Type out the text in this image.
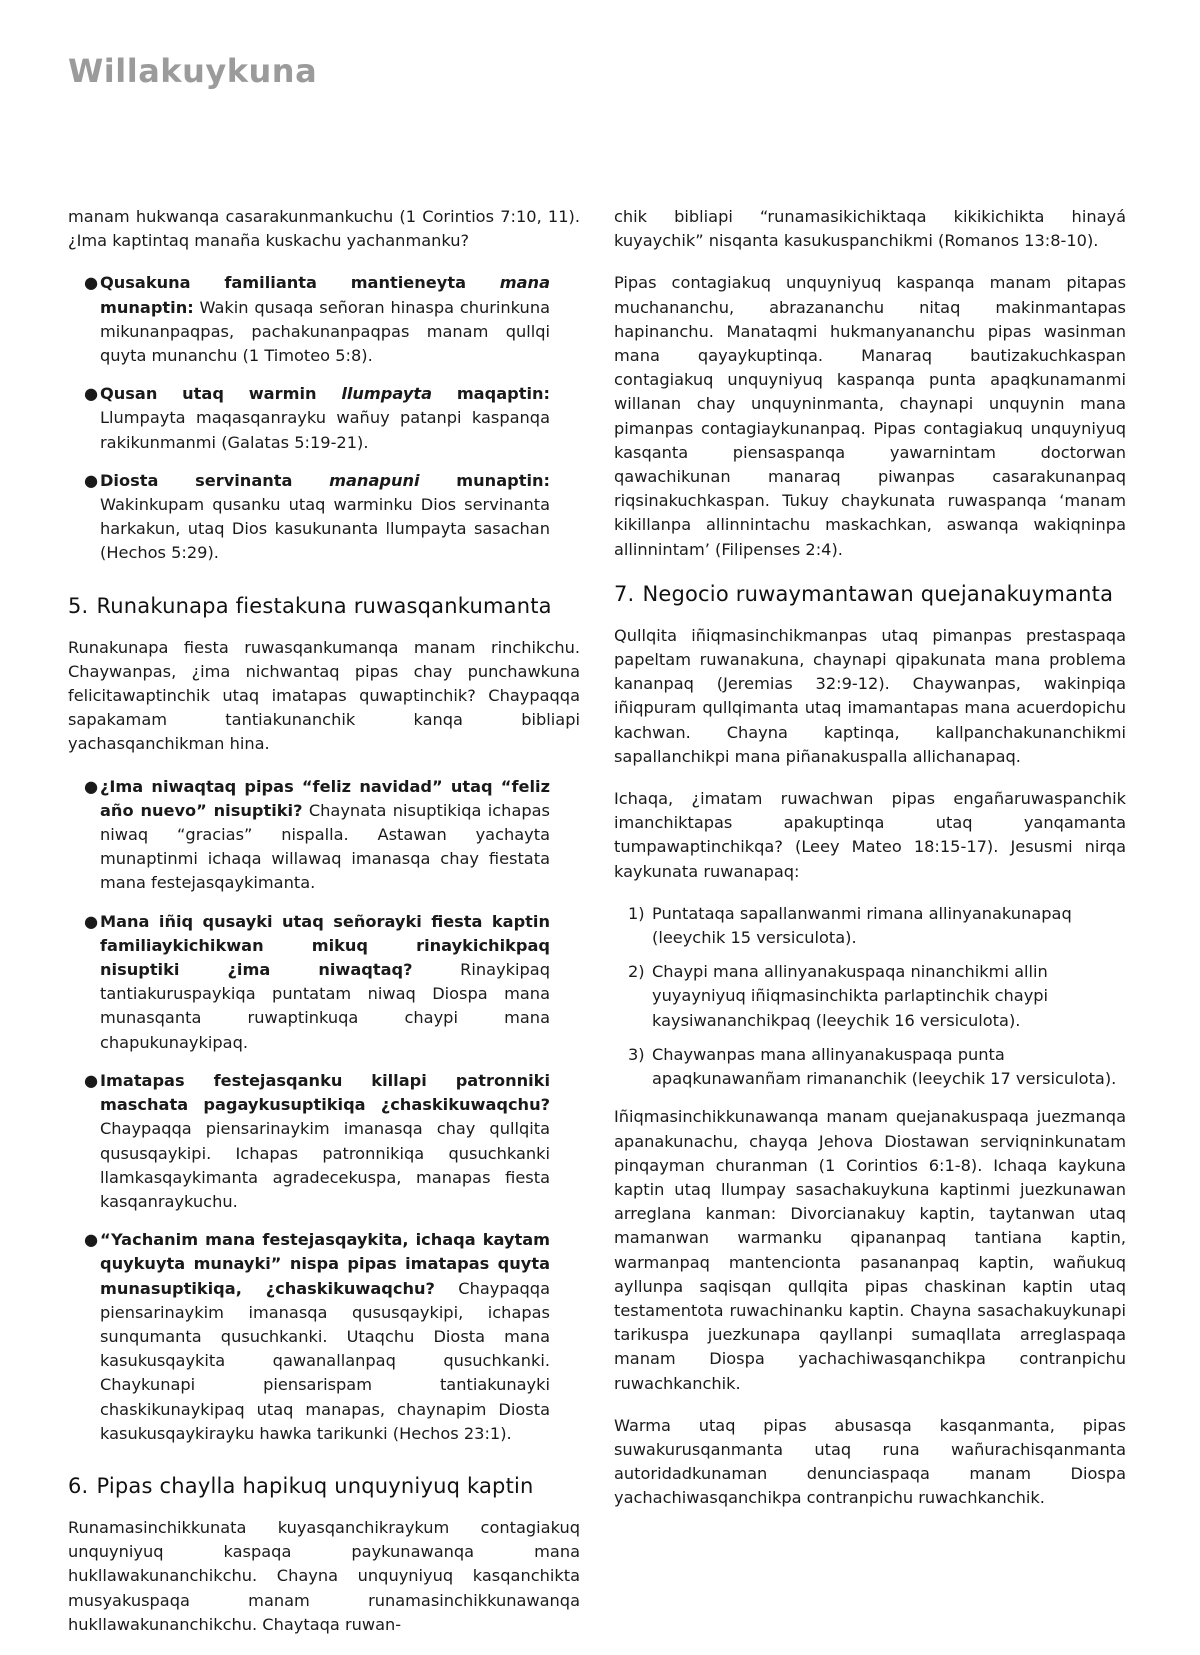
Willakuykuna

manam hukwanqa casarakunmankuchu (1 Corintios 7:10, 11). ¿Ima kaptintaq manaña kuskachu yachanmanku?

● Qusakuna familianta mantieneyta mana munaptin: Wakin qusaqa señoran hinaspa churinkuna mikunanpaqpas, pachakunanpaqpas manam qullqi quyta munanchu (1 Timoteo 5:8).
● Qusan utaq warmin llumpayta maqaptin: Llumpayta maqasqanrayku wañuy patanpi kaspanqa rakikunmanmi (Galatas 5:19-21).
● Diosta servinanta manapuni munaptin: Wakinkupam qusanku utaq warminku Dios servinanta harkakun, utaq Dios kasukunanta llumpayta sasachan (Hechos 5:29).
5. Runakunapa fiestakuna ruwasqankumanta

Runakunapa fiesta ruwasqankumanqa manam rinchikchu. Chaywanpas, ¿ima nichwantaq pipas chay punchawkuna felicitawaptinchik utaq imatapas quwaptinchik? Chaypaqqa sapakamam tantiakunanchik kanqa bibliapi yachasqanchikman hina.

● ¿Ima niwaqtaq pipas “feliz navidad” utaq “feliz año nuevo” nisuptiki? Chaynata nisuptikiqa ichapas niwaq “gracias” nispalla. Astawan yachayta munaptinmi ichaqa willawaq imanasqa chay fiestata mana festejasqaykimanta.
● Mana iñiq qusayki utaq señorayki fiesta kaptin familiaykichikwan mikuq rinaykichikpaq nisuptiki ¿ima niwaqtaq? Rinaykipaq tantiakuruspaykiqa puntatam niwaq Diospa mana munasqanta ruwaptinkuqa chaypi mana chapukunaykipaq.
● Imatapas festejasqanku killapi patronniki maschata pagaykusuptikiqa ¿chaskikuwaqchu? Chaypaqqa piensarinaykim imanasqa chay qullqita qususqaykipi. Ichapas patronnikiqa qusuchkanki llamkasqaykimanta agradecekuspa, manapas fiesta kasqanraykuchu.
● “Yachanim mana festejasqaykita, ichaqa kaytam quykuyta munayki” nispa pipas imatapas quyta munasuptikiqa, ¿chaskikuwaqchu? Chaypaqqa piensarinaykim imanasqa qususqaykipi, ichapas sunqumanta qusuchkanki. Utaqchu Diosta mana kasukusqaykita qawanallanpaq qusuchkanki. Chaykunapi piensarispam tantiakunayki chaskikunaykipaq utaq manapas, chaynapim Diosta kasukusqaykirayku hawka tarikunki (Hechos 23:1).
6. Pipas chaylla hapikuq unquyniyuq kaptin

Runamasinchikkunata kuyasqanchikraykum contagiakuq unquyniyuq kaspaqa paykunawanqa mana hukllawakunanchikchu. Chayna unquyniyuq kasqanchikta musyakuspaqa manam runamasinchikkunawanqa hukllawakunanchikchu. Chaytaqa ruwan-

chik bibliapi “runamasikichiktaqa kikikichikta hinayá kuyaychik” nisqanta kasukuspanchikmi (Romanos 13:8-10).

Pipas contagiakuq unquyniyuq kaspanqa manam pitapas muchananchu, abrazananchu nitaq makinmantapas hapinanchu. Manataqmi hukmanyananchu pipas wasinman mana qayaykuptinqa. Manaraq bautizakuchkaspan contagiakuq unquyniyuq kaspanqa punta apaqkunamanmi willanan chay unquyninmanta, chaynapi unquynin mana pimanpas contagiaykunanpaq. Pipas contagiakuq unquyniyuq kasqanta piensaspanqa yawarnintam doctorwan qawachikunan manaraq piwanpas casarakunanpaq riqsinakuchkaspan. Tukuy chaykunata ruwaspanqa ‘manam kikillanpa allinnintachu maskachkan, aswanqa wakiqninpa allinnintam’ (Filipenses 2:4).

7. Negocio ruwaymantawan quejanakuymanta

Qullqita iñiqmasinchikmanpas utaq pimanpas prestaspaqa papeltam ruwanakuna, chaynapi qipakunata mana problema kananpaq (Jeremias 32:9-12). Chaywanpas, wakinpiqa iñiqpuram qullqimanta utaq imamantapas mana acuerdopichu kachwan. Chayna kaptinqa, kallpanchakunanchikmi sapallanchikpi mana piñanakuspalla allichanapaq.

Ichaqa, ¿imatam ruwachwan pipas engañaruwaspanchik imanchiktapas apakuptinqa utaq yanqamanta tumpawaptinchikqa? (Leey Mateo 18:15-17). Jesusmi nirqa kaykunata ruwanapaq:

1) Puntataqa sapallanwanmi rimana allinyanakunapaq (leeychik 15 versiculota).
2) Chaypi mana allinyanakuspaqa ninanchikmi allin yuyayniyuq iñiqmasinchikta parlaptinchik chaypi kaysiwananchikpaq (leeychik 16 versiculota).
3) Chaywanpas mana allinyanakuspaqa punta apaqkunawanñam rimananchik (leeychik 17 versiculota).

Iñiqmasinchikkunawanqa manam quejanakuspaqa juezmanqa apanakunachu, chayqa Jehova Diostawan serviqninkunatam pinqayman churanman (1 Corintios 6:1-8). Ichaqa kaykuna kaptin utaq llumpay sasachakuykuna kaptinmi juezkunawan arreglana kanman: Divorcianakuy kaptin, taytanwan utaq mamanwan warmanku qipananpaq tantiana kaptin, warmanpaq mantencionta pasananpaq kaptin, wañukuq ayllunpa saqisqan qullqita pipas chaskinan kaptin utaq testamentota ruwachinanku kaptin. Chayna sasachakuykunapi tarikuspa juezkunapa qayllanpi sumaqllata arreglaspaqa manam Diospa yachachiwasqanchikpa contranpichu ruwachkanchik.

Warma utaq pipas abusasqa kasqanmanta, pipas suwakurusqanmanta utaq runa wañurachisqanmanta autoridadkunaman denunciaspaqa manam Diospa yachachiwasqanchikpa contranpichu ruwachkanchik.
